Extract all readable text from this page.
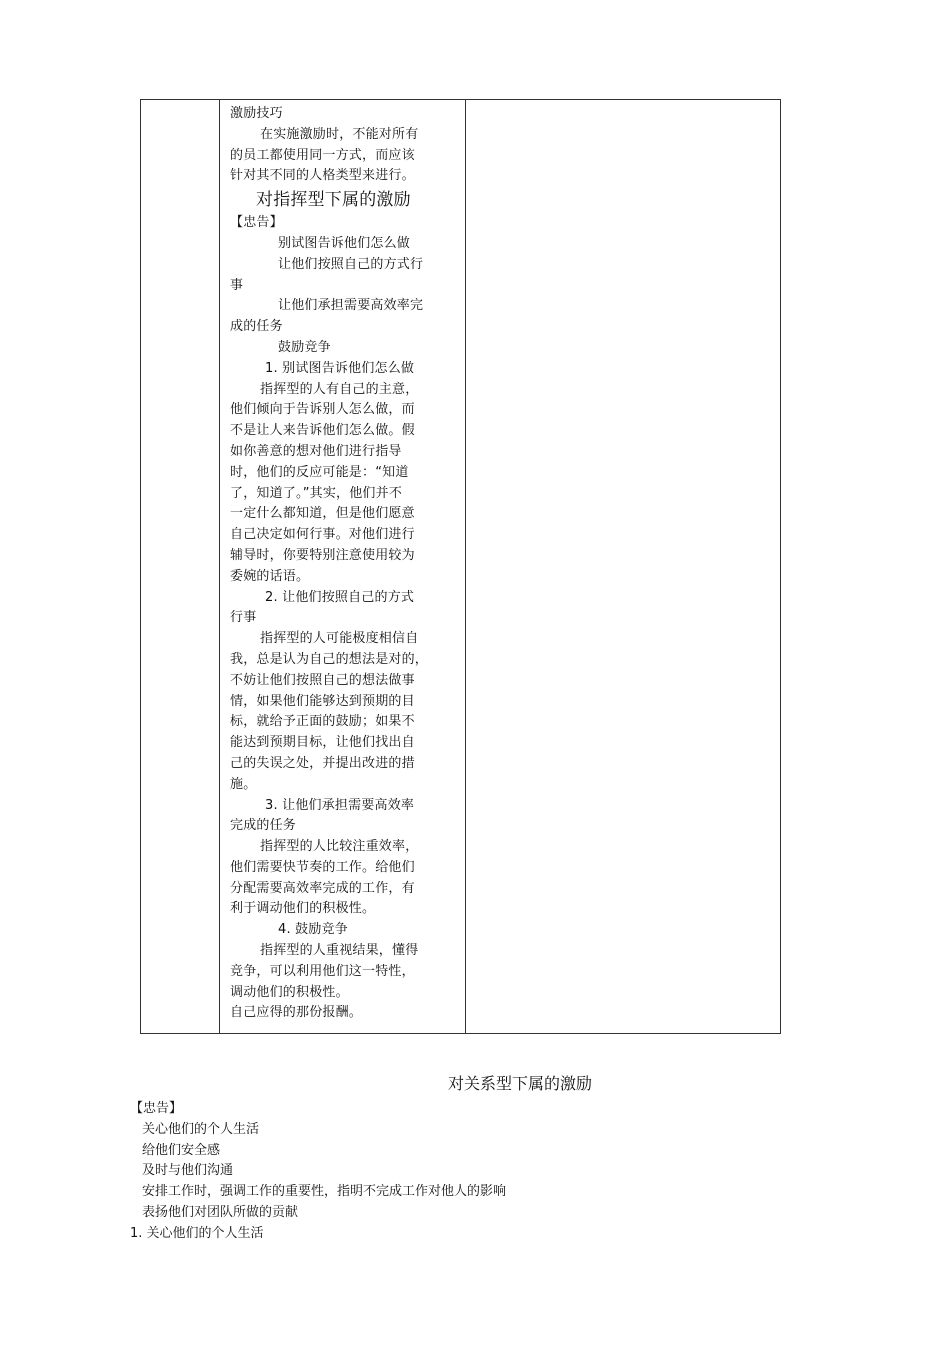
激励技巧

在实施激励时，不能对所有

的员工都使用同一方式，而应该

针对其不同的人格类型来进行。

对指挥型下属的激励

【忠告】

别试图告诉他们怎么做

让他们按照自己的方式行

事

让他们承担需要高效率完

成的任务

鼓励竞争

1. 别试图告诉他们怎么做

指挥型的人有自己的主意，

他们倾向于告诉别人怎么做，而

不是让人来告诉他们怎么做。假

如你善意的想对他们进行指导

时，他们的反应可能是：“知道

了，知道了。”其实，他们并不

一定什么都知道，但是他们愿意

自己决定如何行事。对他们进行

辅导时，你要特别注意使用较为

委婉的话语。

2. 让他们按照自己的方式

行事

指挥型的人可能极度相信自

我，总是认为自己的想法是对的，

不妨让他们按照自己的想法做事

情，如果他们能够达到预期的目

标，就给予正面的鼓励；如果不

能达到预期目标，让他们找出自

己的失误之处，并提出改进的措

施。

3. 让他们承担需要高效率

完成的任务

指挥型的人比较注重效率，

他们需要快节奏的工作。给他们

分配需要高效率完成的工作，有

利于调动他们的积极性。

4. 鼓励竞争

指挥型的人重视结果，懂得

竞争，可以利用他们这一特性，

调动他们的积极性。

自己应得的那份报酬。

对关系型下属的激励

【忠告】

关心他们的个人生活

给他们安全感

及时与他们沟通

安排工作时，强调工作的重要性，指明不完成工作对他人的影响

表扬他们对团队所做的贡献

1. 关心他们的个人生活
